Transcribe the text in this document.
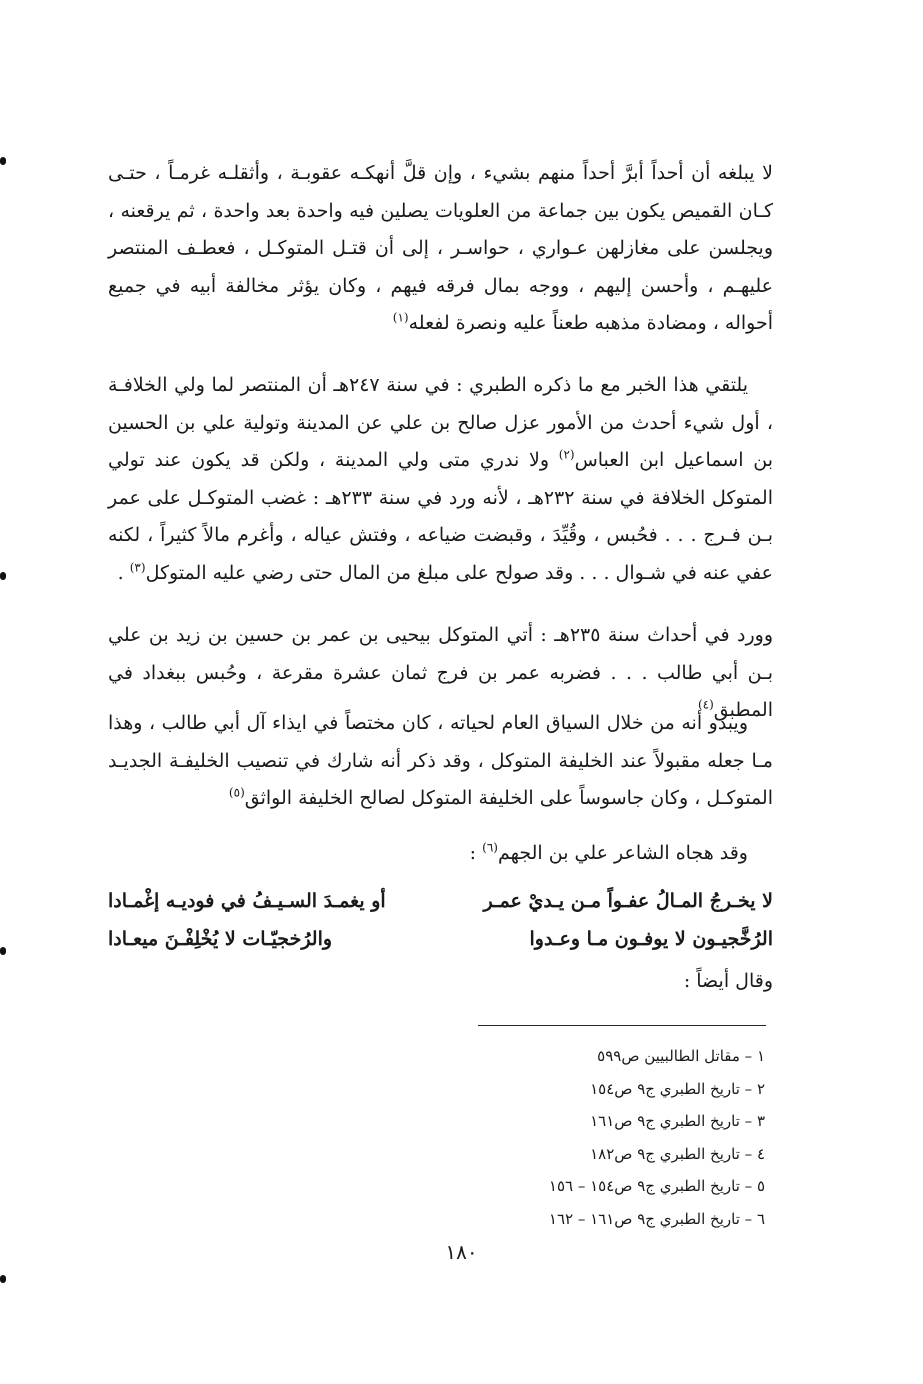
لا يبلغه أن أحداً أبرَّ أحداً منهم بشيء ، وإن قلَّ أنهكـه عقوبـة ، وأثقلـه غرمـاً ، حتـى كـان القميص يكون بين جماعة من العلويات يصلين فيه واحدة بعد واحدة ، ثم يرقعنه ، ويجلسن على مغازلهن عـواري ، حواسـر ، إلى أن قتـل المتوكـل ، فعطـف المنتصر عليهـم ، وأحسن إليهم ، ووجه بمال فرقه فيهم ، وكان يؤثر مخالفة أبيه في جميع أحواله ، ومضادة مذهبه طعناً عليه ونصرة لفعله$^{(١)}$

يلتقي هذا الخبر مع ما ذكره الطبري : في سنة ٢٤٧هـ أن المنتصر لما ولي الخلافـة ، أول شيء أحدث من الأمور عزل صالح بن علي عن المدينة وتولية علي بن الحسين بن اسماعيل ابن العباس$^{(٢)}$ ولا ندري متى ولي المدينة ، ولكن قد يكون عند تولي المتوكل الخلافة في سنة ٢٣٢هـ ، لأنه ورد في سنة ٢٣٣هـ : غضب المتوكـل على عمر بـن فـرج . . . فحُبس ، وقُيِّدَ ، وقبضت ضياعه ، وفتش عياله ، وأغرم مالاً كثيراً ، لكنه عفي عنه في شـوال . . . وقد صولح على مبلغ من المال حتى رضي عليه المتوكل$^{(٣)}$ .

وورد في أحداث سنة ٢٣٥هـ : أتي المتوكل بيحيى بن عمر بن حسين بن زيد بن علي بـن أبي طالب . . . فضربه عمر بن فرج ثمان عشرة مقرعة ، وحُبس ببغداد في المطبق$^{(٤)}$

ويبدو أنه من خلال السياق العام لحياته ، كان مختصاً في ايذاء آل أبي طالب ، وهذا مـا جعله مقبولاً عند الخليفة المتوكل ، وقد ذكر أنه شارك في تنصيب الخليفـة الجديـد المتوكـل ، وكان جاسوساً على الخليفة المتوكل لصالح الخليفة الواثق$^{(٥)}$

وقد هجاه الشاعر علي بن الجهم$^{(٦)}$ :

لا يخـرجُ المـالُ عفـواً مـن يـديْ عمـر
أو يغمـدَ السـيـفُ في فوديـه إغْمـادا
الرُخَّجيـون لا يوفـون مـا وعـدوا
والرُخجيّـات لا يُخْلِفْـنَ ميعـادا
وقال أيضاً :
١ – مقاتل الطالبيين ص٥٩٩
٢ – تاريخ الطبري ج٩ ص١٥٤
٣ – تاريخ الطبري ج٩ ص١٦١
٤ – تاريخ الطبري ج٩ ص١٨٢
٥ – تاريخ الطبري ج٩ ص١٥٤ – ١٥٦
٦ – تاريخ الطبري ج٩ ص١٦١ – ١٦٢
١٨٠
